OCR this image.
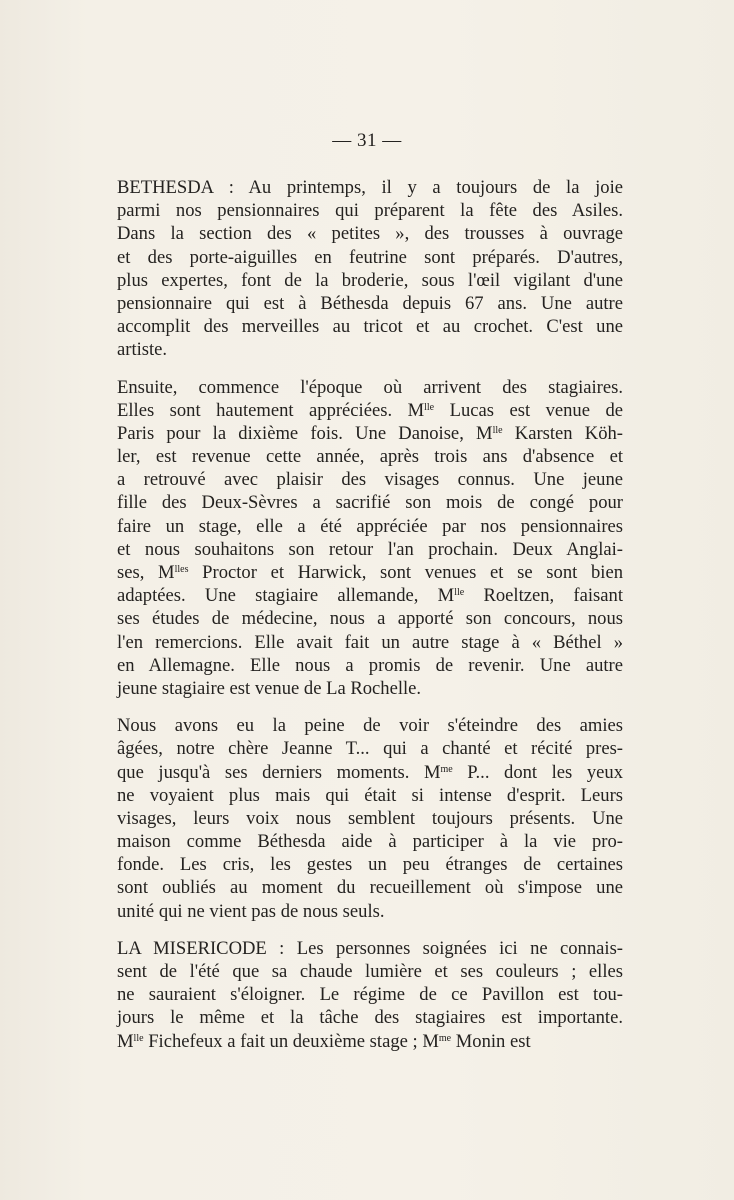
— 31 —
BETHESDA : Au printemps, il y a toujours de la joie
parmi nos pensionnaires qui préparent la fête des Asiles.
Dans la section des « petites », des trousses à ouvrage
et des porte-aiguilles en feutrine sont préparés. D'autres,
plus expertes, font de la broderie, sous l'œil vigilant d'une
pensionnaire qui est à Béthesda depuis 67 ans. Une autre
accomplit des merveilles au tricot et au crochet. C'est une
artiste.
Ensuite, commence l'époque où arrivent des stagiaires.
Elles sont hautement appréciées. $M^{lle}$ Lucas est venue de
Paris pour la dixième fois. Une Danoise, $M^{lle}$ Karsten Köh-
ler, est revenue cette année, après trois ans d'absence et
a retrouvé avec plaisir des visages connus. Une jeune
fille des Deux-Sèvres a sacrifié son mois de congé pour
faire un stage, elle a été appréciée par nos pensionnaires
et nous souhaitons son retour l'an prochain. Deux Anglai-
ses, $M^{lles}$ Proctor et Harwick, sont venues et se sont bien
adaptées. Une stagiaire allemande, $M^{lle}$ Roeltzen, faisant
ses études de médecine, nous a apporté son concours, nous
l'en remercions. Elle avait fait un autre stage à « Béthel »
en Allemagne. Elle nous a promis de revenir. Une autre
jeune stagiaire est venue de La Rochelle.
Nous avons eu la peine de voir s'éteindre des amies
âgées, notre chère Jeanne T... qui a chanté et récité pres-
que jusqu'à ses derniers moments. $M^{me}$ P... dont les yeux
ne voyaient plus mais qui était si intense d'esprit. Leurs
visages, leurs voix nous semblent toujours présents. Une
maison comme Béthesda aide à participer à la vie pro-
fonde. Les cris, les gestes un peu étranges de certaines
sont oubliés au moment du recueillement où s'impose une
unité qui ne vient pas de nous seuls.
LA MISERICODE : Les personnes soignées ici ne connais-
sent de l'été que sa chaude lumière et ses couleurs ; elles
ne sauraient s'éloigner. Le régime de ce Pavillon est tou-
jours le même et la tâche des stagiaires est importante.
$M^{lle}$ Fichefeux a fait un deuxième stage ; $M^{me}$ Monin est
